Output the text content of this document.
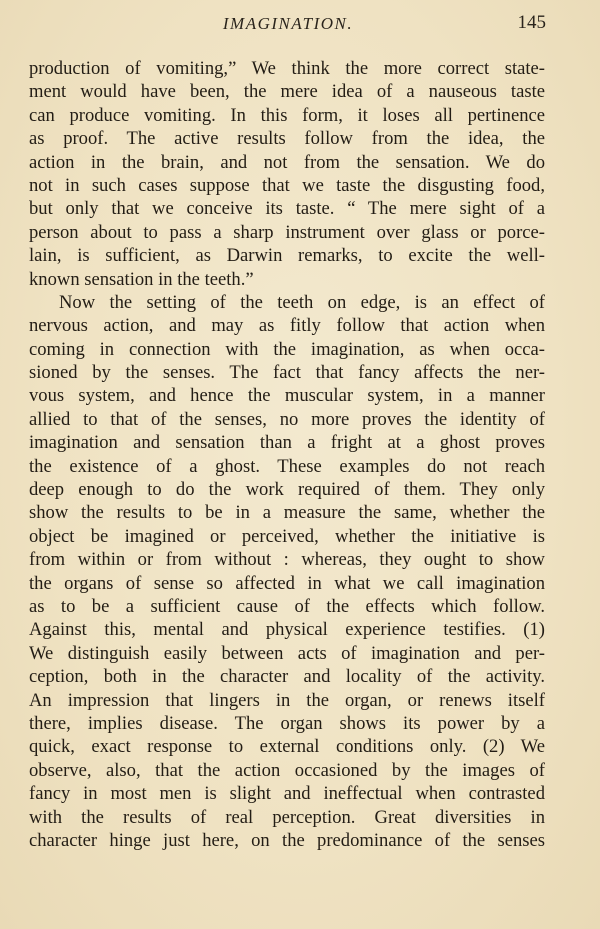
IMAGINATION.	145
production of vomiting,” We think the more correct state-
ment would have been, the mere idea of a nauseous taste
can produce vomiting. In this form, it loses all pertinence
as proof. The active results follow from the idea, the
action in the brain, and not from the sensation. We do
not in such cases suppose that we taste the disgusting food,
but only that we conceive its taste. “ The mere sight of a
person about to pass a sharp instrument over glass or porce-
lain, is sufficient, as Darwin remarks, to excite the well-
known sensation in the teeth.”
Now the setting of the teeth on edge, is an effect of
nervous action, and may as fitly follow that action when
coming in connection with the imagination, as when occa-
sioned by the senses. The fact that fancy affects the ner-
vous system, and hence the muscular system, in a manner
allied to that of the senses, no more proves the identity of
imagination and sensation than a fright at a ghost proves
the existence of a ghost. These examples do not reach
deep enough to do the work required of them. They only
show the results to be in a measure the same, whether the
object be imagined or perceived, whether the initiative is
from within or from without : whereas, they ought to show
the organs of sense so affected in what we call imagination
as to be a sufficient cause of the effects which follow.
Against this, mental and physical experience testifies. (1)
We distinguish easily between acts of imagination and per-
ception, both in the character and locality of the activity.
An impression that lingers in the organ, or renews itself
there, implies disease. The organ shows its power by a
quick, exact response to external conditions only. (2) We
observe, also, that the action occasioned by the images of
fancy in most men is slight and ineffectual when contrasted
with the results of real perception. Great diversities in
character hinge just here, on the predominance of the senses
